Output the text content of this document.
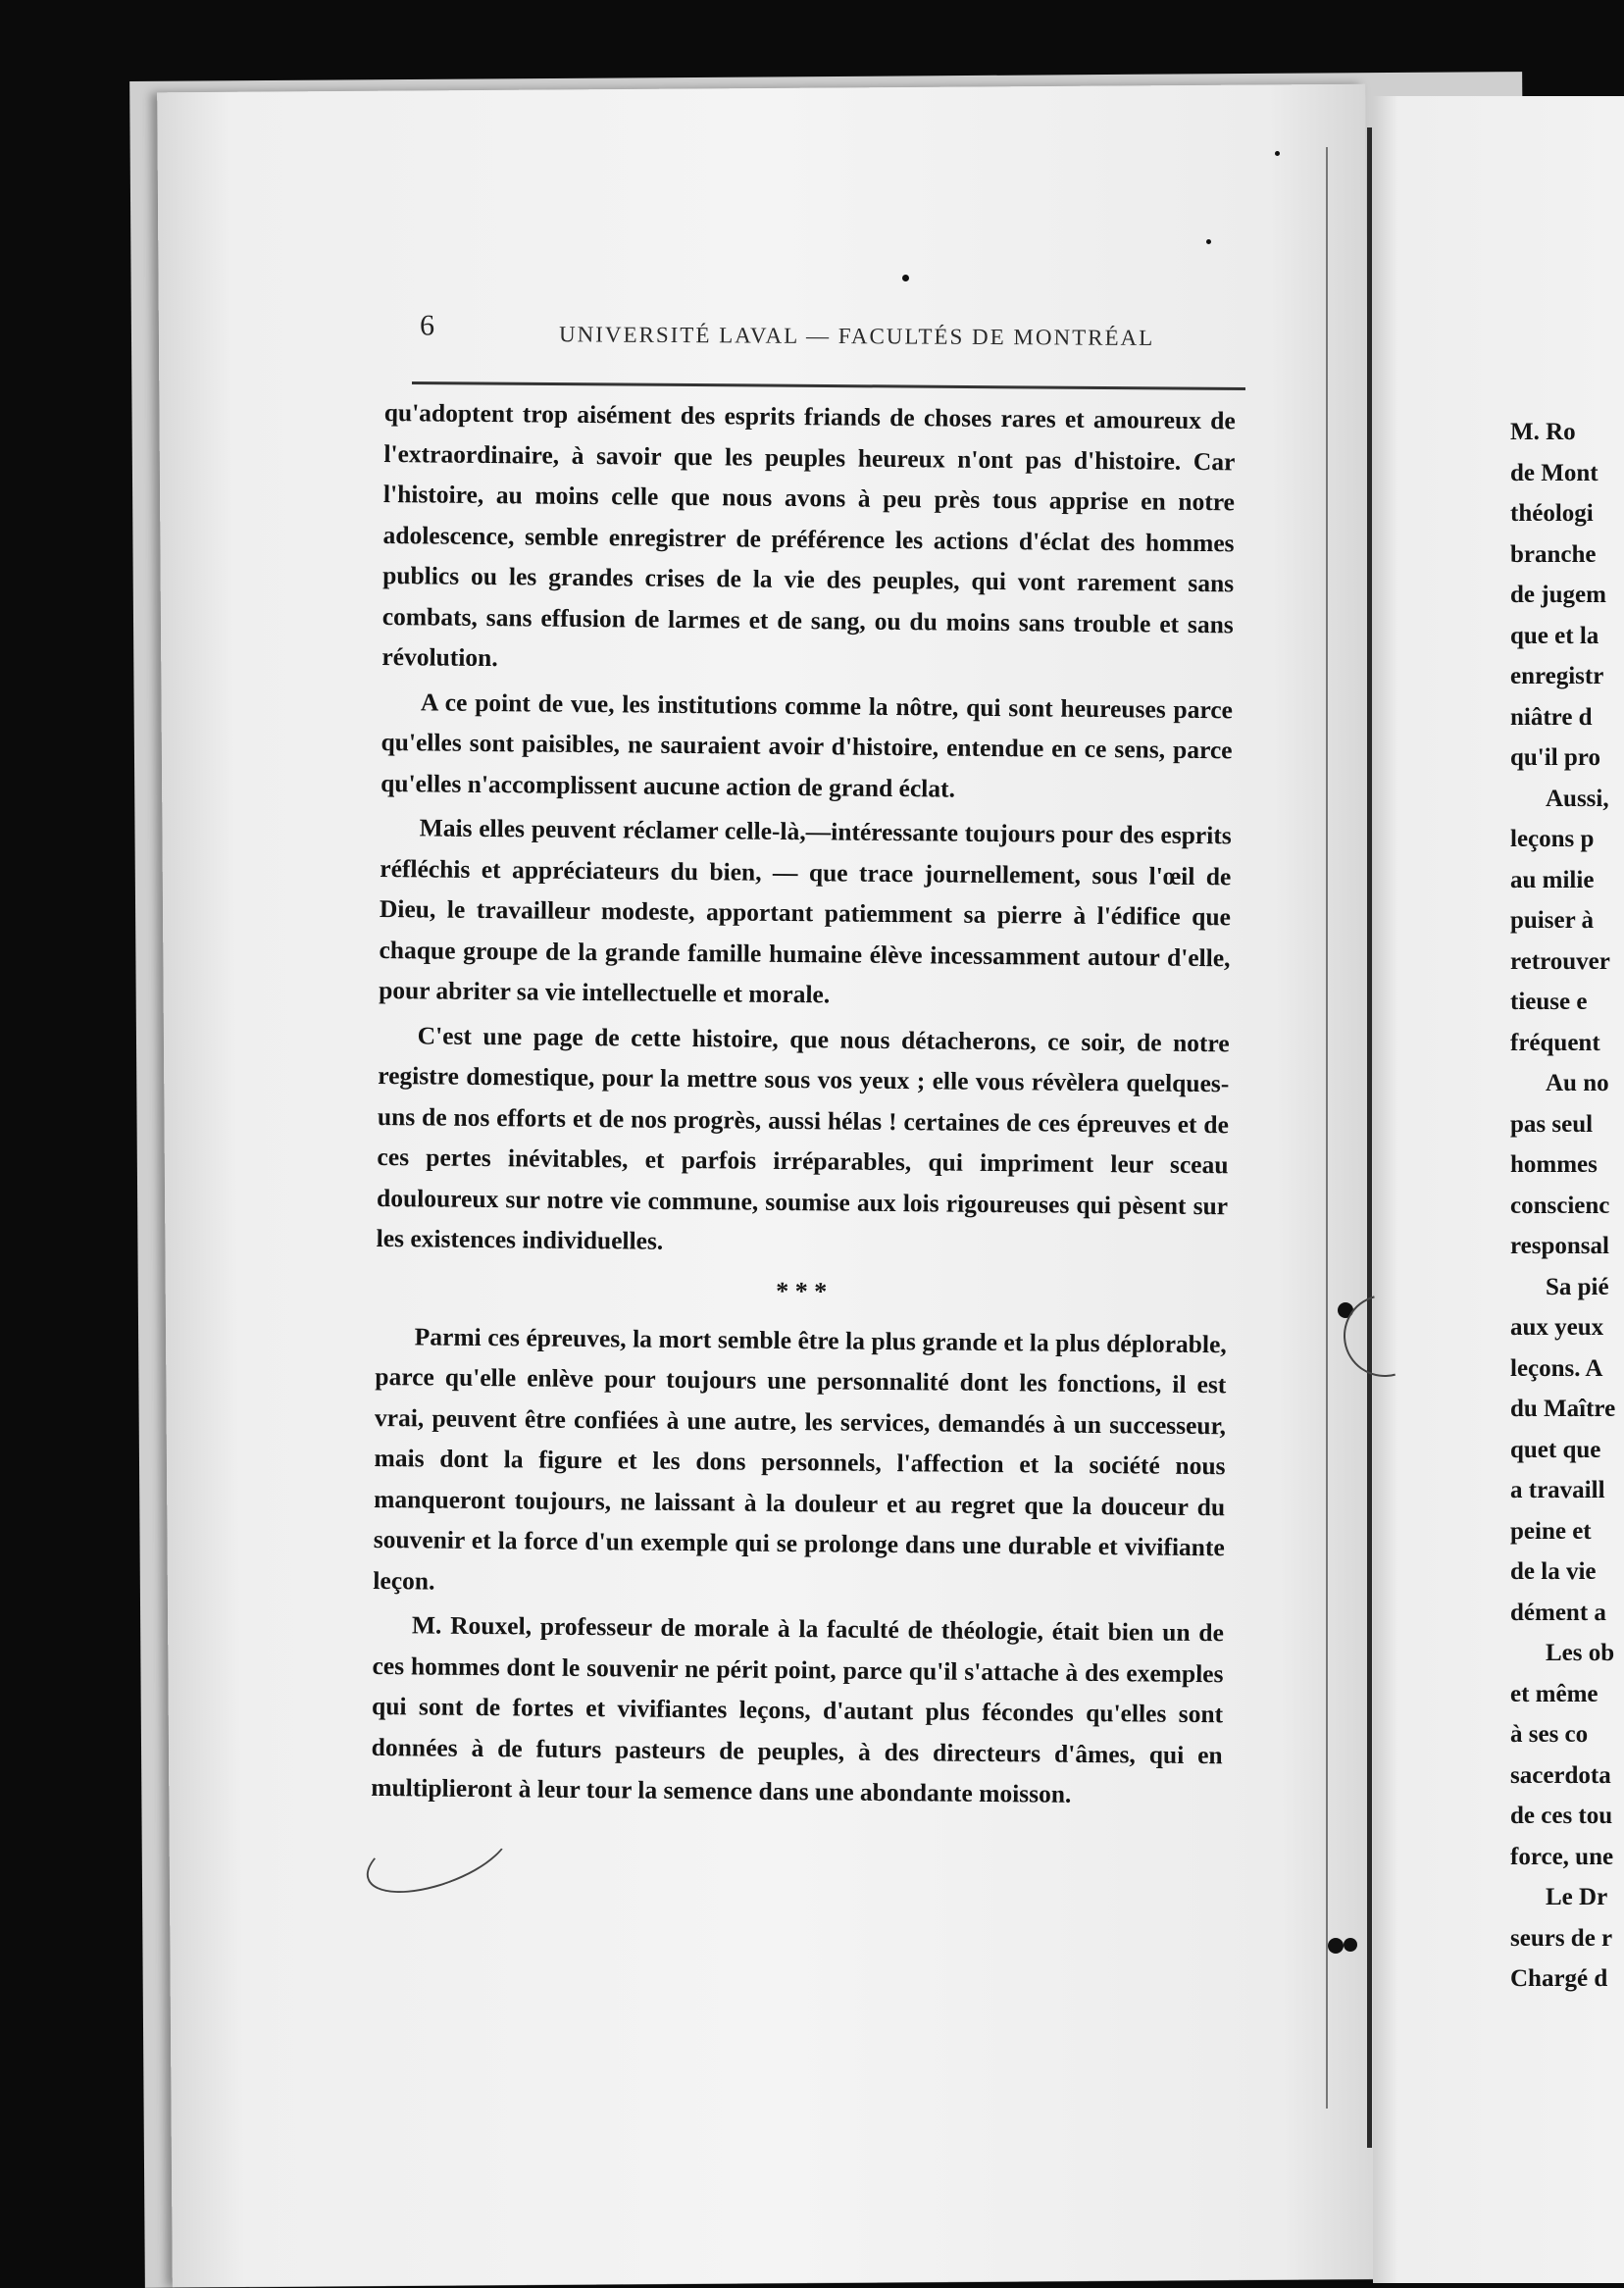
6	UNIVERSITÉ LAVAL — FACULTÉS DE MONTRÉAL

qu'adoptent trop aisément des esprits friands de choses rares et amoureux de l'extraordinaire, à savoir que les peuples heureux n'ont pas d'histoire. Car l'histoire, au moins celle que nous avons à peu près tous apprise en notre adolescence, semble enregistrer de préférence les actions d'éclat des hommes publics ou les grandes crises de la vie des peuples, qui vont rarement sans combats, sans effusion de larmes et de sang, ou du moins sans trouble et sans révolution.

A ce point de vue, les institutions comme la nôtre, qui sont heureuses parce qu'elles sont paisibles, ne sauraient avoir d'histoire, entendue en ce sens, parce qu'elles n'accomplissent aucune action de grand éclat.

Mais elles peuvent réclamer celle-là,—intéressante toujours pour des esprits réfléchis et appréciateurs du bien, — que trace journellement, sous l'œil de Dieu, le travailleur modeste, apportant patiemment sa pierre à l'édifice que chaque groupe de la grande famille humaine élève incessamment autour d'elle, pour abriter sa vie intellectuelle et morale.

C'est une page de cette histoire, que nous détacherons, ce soir, de notre registre domestique, pour la mettre sous vos yeux ; elle vous révèlera quelques-uns de nos efforts et de nos progrès, aussi hélas ! certaines de ces épreuves et de ces pertes inévitables, et parfois irréparables, qui impriment leur sceau douloureux sur notre vie commune, soumise aux lois rigoureuses qui pèsent sur les existences individuelles.

* * *

Parmi ces épreuves, la mort semble être la plus grande et la plus déplorable, parce qu'elle enlève pour toujours une personnalité dont les fonctions, il est vrai, peuvent être confiées à une autre, les services, demandés à un successeur, mais dont la figure et les dons personnels, l'affection et la société nous manqueront toujours, ne laissant à la douleur et au regret que la douceur du souvenir et la force d'un exemple qui se prolonge dans une durable et vivifiante leçon.

M. Rouxel, professeur de morale à la faculté de théologie, était bien un de ces hommes dont le souvenir ne périt point, parce qu'il s'attache à des exemples qui sont de fortes et vivifiantes leçons, d'autant plus fécondes qu'elles sont données à de futurs pasteurs de peuples, à des directeurs d'âmes, qui en multiplieront à leur tour la semence dans une abondante moisson.

M. Ro
de Mont
théologi
branche
de jugem
que et la
enregistr
niâtre d
qu'il pro
Aussi,
leçons p
au milie
puiser à
retrouver
tieuse e
fréquent
Au no
pas seul
hommes
conscienc
responsal
Sa pié
aux yeux
leçons. A
du Maître
quet que
a travaill
peine et
de la vie
dément a
Les ob
et même
à ses co
sacerdota
de ces tou
force, une
Le Dr
seurs de r
Chargé d
